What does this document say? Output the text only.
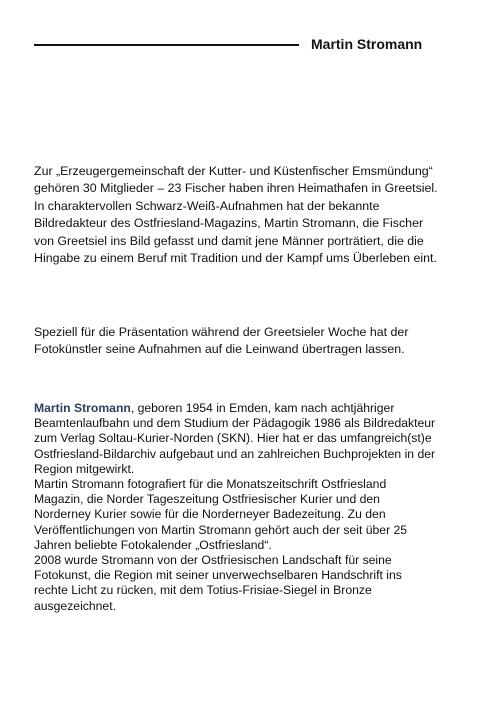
Martin Stromann
Zur „Erzeugergemeinschaft der Kutter- und Küstenfischer Emsmündung“
gehören 30 Mitglieder – 23 Fischer haben ihren Heimathafen in Greetsiel.
In charaktervollen Schwarz-Weiß-Aufnahmen hat der bekannte
Bildredakteur des Ostfriesland-Magazins, Martin Stromann, die Fischer
von Greetsiel ins Bild gefasst und damit jene Männer porträtiert, die die
Hingabe zu einem Beruf mit Tradition und der Kampf ums Überleben eint.
Speziell für die Präsentation während der Greetsieler Woche hat der
Fotokünstler seine Aufnahmen auf die Leinwand übertragen lassen.
Martin Stromann, geboren 1954 in Emden, kam nach achtjähriger
Beamtenlaufbahn und dem Studium der Pädagogik 1986 als Bildredakteur
zum Verlag Soltau-Kurier-Norden (SKN). Hier hat er das umfangreich(st)e
Ostfriesland-Bildarchiv aufgebaut und an zahlreichen Buchprojekten in der
Region mitgewirkt.
Martin Stromann fotografiert für die Monatszeitschrift Ostfriesland
Magazin, die Norder Tageszeitung Ostfriesischer Kurier und den
Norderney Kurier sowie für die Norderneyer Badezeitung. Zu den
Veröffentlichungen von Martin Stromann gehört auch der seit über 25
Jahren beliebte Fotokalender „Ostfriesland“.
2008 wurde Stromann von der Ostfriesischen Landschaft für seine
Fotokunst, die Region mit seiner unverwechselbaren Handschrift ins
rechte Licht zu rücken, mit dem Totius-Frisiae-Siegel in Bronze
ausgezeichnet.
